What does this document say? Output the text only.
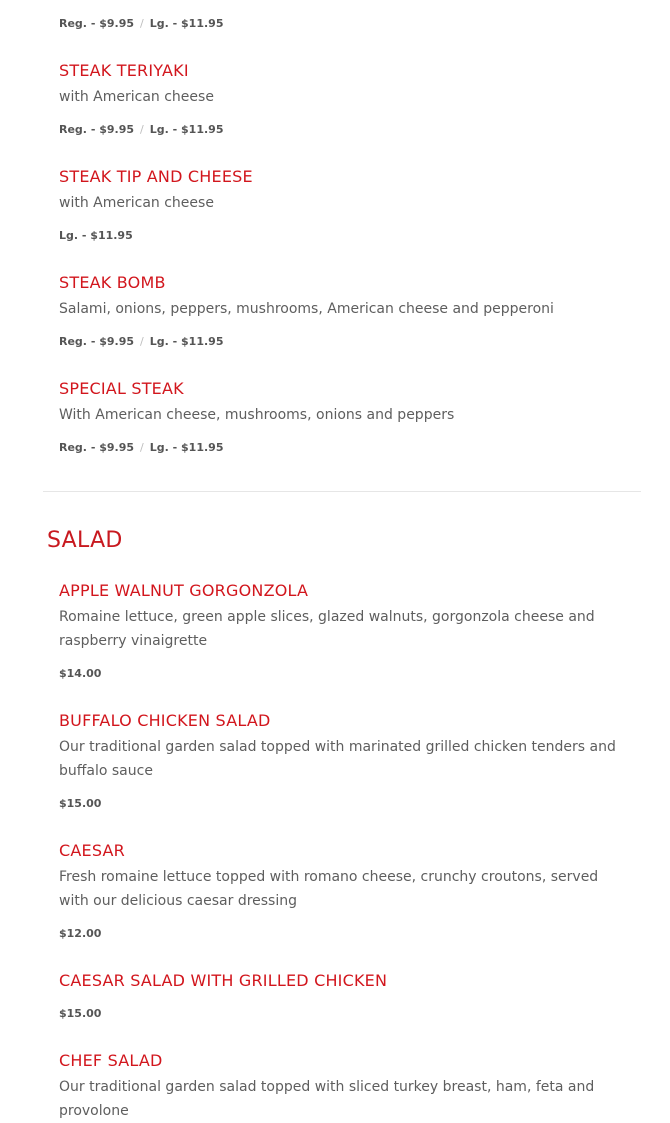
Reg. - $9.95 / Lg. - $11.95
STEAK TERIYAKI

with American cheese

Reg. - $9.95 / Lg. - $11.95
STEAK TIP AND CHEESE

with American cheese

Lg. - $11.95
STEAK BOMB

Salami, onions, peppers, mushrooms, American cheese and pepperoni

Reg. - $9.95 / Lg. - $11.95
SPECIAL STEAK

With American cheese, mushrooms, onions and peppers

Reg. - $9.95 / Lg. - $11.95
SALAD
APPLE WALNUT GORGONZOLA

Romaine lettuce, green apple slices, glazed walnuts, gorgonzola cheese and raspberry vinaigrette

$14.00
BUFFALO CHICKEN SALAD

Our traditional garden salad topped with marinated grilled chicken tenders and buffalo sauce

$15.00
CAESAR

Fresh romaine lettuce topped with romano cheese, crunchy croutons, served with our delicious caesar dressing

$12.00
CAESAR SALAD WITH GRILLED CHICKEN
$15.00
CHEF SALAD

Our traditional garden salad topped with sliced turkey breast, ham, feta and provolone
